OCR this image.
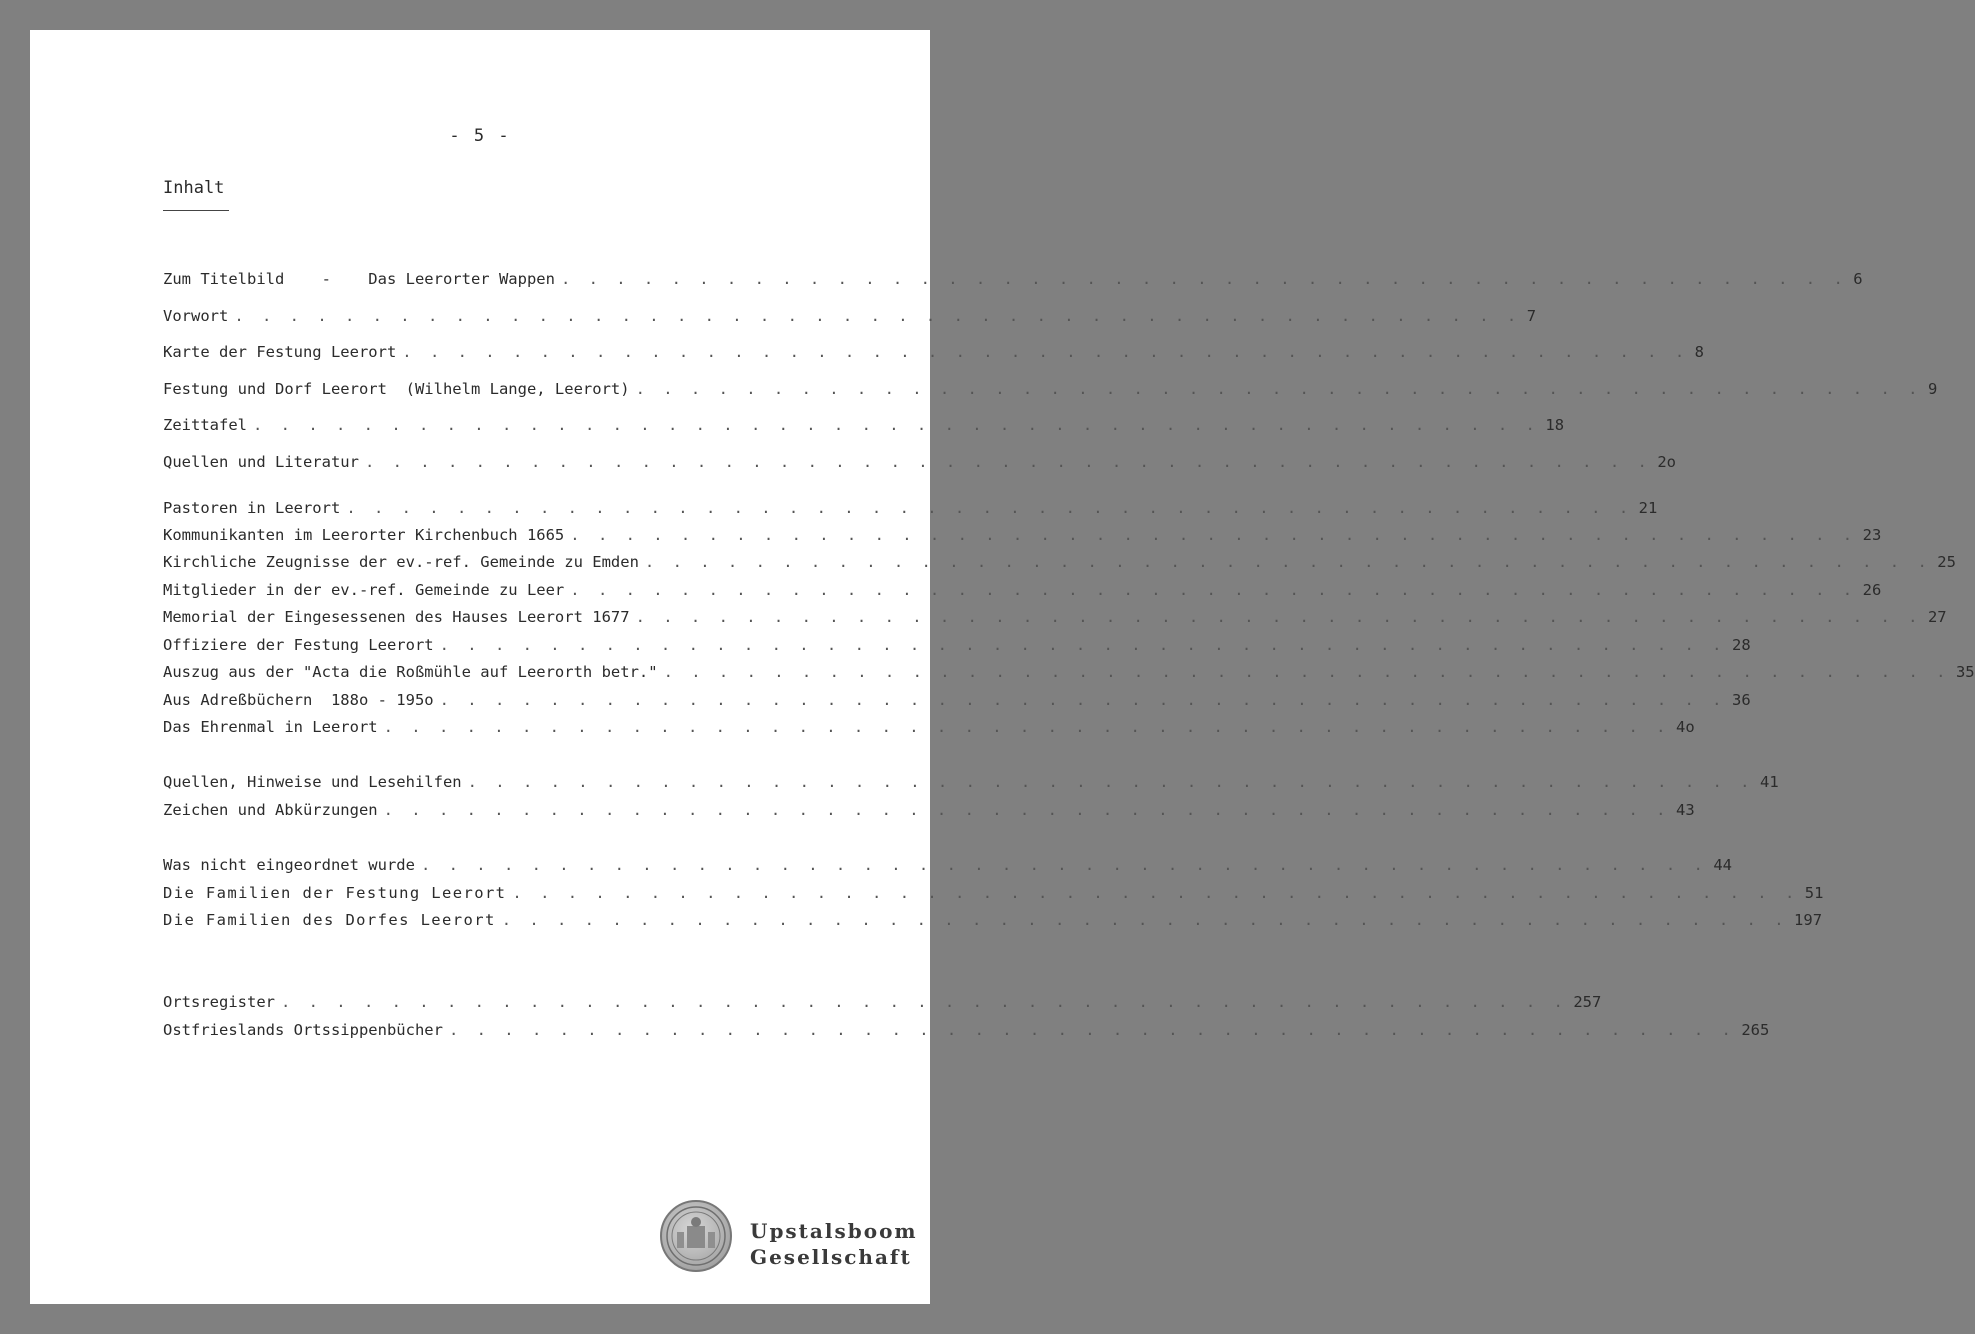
- 5 -
Inhalt
Zum Titelbild    -    Das Leerorter Wappen . . . . . . . . . . . . . . . . . . . . . . . . . . . . . . . . . . . . . . . . . . . . . . . 6
Vorwort . . . . . . . . . . . . . . . . . . . . . . . . . . . . . . . . . . . . . . . . . . . . . . . 7
Karte der Festung Leerort . . . . . . . . . . . . . . . . . . . . . . . . . . . . . . . . . . . . . . . . . . . . . . . 8
Festung und Dorf Leerort  (Wilhelm Lange, Leerort) . . . . . . . . . . . . . . . . . . . . . . . . . . . . . . . . . . . . . . . . . . . . . . . 9
Zeittafel . . . . . . . . . . . . . . . . . . . . . . . . . . . . . . . . . . . . . . . . . . . . . . . 18
Quellen und Literatur . . . . . . . . . . . . . . . . . . . . . . . . . . . . . . . . . . . . . . . . . . . . . . . 2o
Pastoren in Leerort . . . . . . . . . . . . . . . . . . . . . . . . . . . . . . . . . . . . . . . . . . . . . . . 21
Kommunikanten im Leerorter Kirchenbuch 1665 . . . . . . . . . . . . . . . . . . . . . . . . . . . . . . . . . . . . . . . . . . . . . . . 23
Kirchliche Zeugnisse der ev.-ref. Gemeinde zu Emden . . . . . . . . . . . . . . . . . . . . . . . . . . . . . . . . . . . . . . . . . . . . . . . 25
Mitglieder in der ev.-ref. Gemeinde zu Leer . . . . . . . . . . . . . . . . . . . . . . . . . . . . . . . . . . . . . . . . . . . . . . . 26
Memorial der Eingesessenen des Hauses Leerort 1677 . . . . . . . . . . . . . . . . . . . . . . . . . . . . . . . . . . . . . . . . . . . . . . . 27
Offiziere der Festung Leerort . . . . . . . . . . . . . . . . . . . . . . . . . . . . . . . . . . . . . . . . . . . . . . . 28
Auszug aus der "Acta die Roßmühle auf Leerorth betr." . . . . . . . . . . . . . . . . . . . . . . . . . . . . . . . . . . . . . . . . . . . . . . . 35
Aus Adreßbüchern  188o - 195o . . . . . . . . . . . . . . . . . . . . . . . . . . . . . . . . . . . . . . . . . . . . . . . 36
Das Ehrenmal in Leerort . . . . . . . . . . . . . . . . . . . . . . . . . . . . . . . . . . . . . . . . . . . . . . . 4o
Quellen, Hinweise und Lesehilfen . . . . . . . . . . . . . . . . . . . . . . . . . . . . . . . . . . . . . . . . . . . . . . . 41
Zeichen und Abkürzungen . . . . . . . . . . . . . . . . . . . . . . . . . . . . . . . . . . . . . . . . . . . . . . . 43
Was nicht eingeordnet wurde . . . . . . . . . . . . . . . . . . . . . . . . . . . . . . . . . . . . . . . . . . . . . . . 44
Die Familien der Festung Leerort . . . . . . . . . . . . . . . . . . . . . . . . . . . . . . . . . . . . . . . . . . . . . . . 51
Die Familien des Dorfes Leerort . . . . . . . . . . . . . . . . . . . . . . . . . . . . . . . . . . . . . . . . . . . . . . . 197
Ortsregister . . . . . . . . . . . . . . . . . . . . . . . . . . . . . . . . . . . . . . . . . . . . . . . 257
Ostfrieslands Ortssippenbücher . . . . . . . . . . . . . . . . . . . . . . . . . . . . . . . . . . . . . . . . . . . . . . . 265
Upstalsboom
Gesellschaft
